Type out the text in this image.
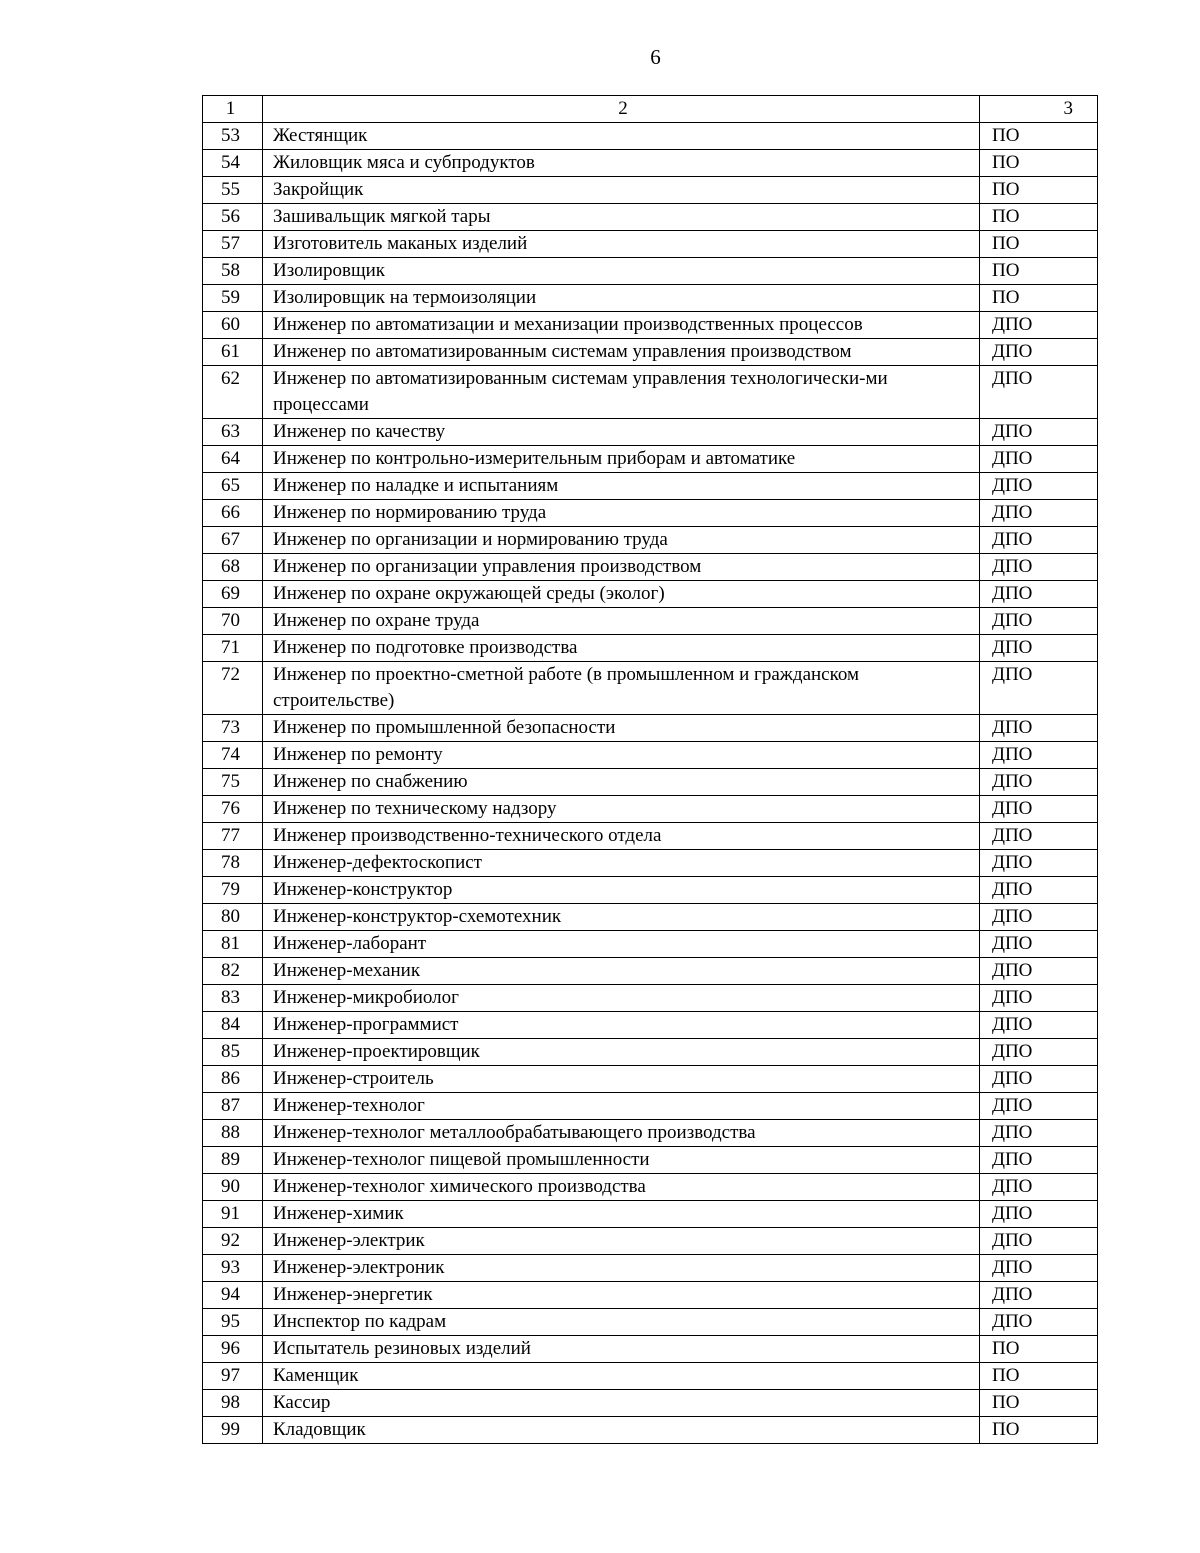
6
1	2	3
53	Жестянщик	ПО
54	Жиловщик мяса и субпродуктов	ПО
55	Закройщик	ПО
56	Зашивальщик мягкой тары	ПО
57	Изготовитель маканых изделий	ПО
58	Изолировщик	ПО
59	Изолировщик на термоизоляции	ПО
60	Инженер по автоматизации и механизации производственных процессов	ДПО
61	Инженер по автоматизированным системам управления производством	ДПО
62	Инженер по автоматизированным системам управления технологически-ми процессами	ДПО
63	Инженер по качеству	ДПО
64	Инженер по контрольно-измерительным приборам и автоматике	ДПО
65	Инженер по наладке и испытаниям	ДПО
66	Инженер по нормированию труда	ДПО
67	Инженер по организации и нормированию труда	ДПО
68	Инженер по организации управления производством	ДПО
69	Инженер по охране окружающей среды (эколог)	ДПО
70	Инженер по охране труда	ДПО
71	Инженер по подготовке производства	ДПО
72	Инженер по проектно-сметной работе (в промышленном и гражданском строительстве)	ДПО
73	Инженер по промышленной безопасности	ДПО
74	Инженер по ремонту	ДПО
75	Инженер по снабжению	ДПО
76	Инженер по техническому надзору	ДПО
77	Инженер производственно-технического отдела	ДПО
78	Инженер-дефектоскопист	ДПО
79	Инженер-конструктор	ДПО
80	Инженер-конструктор-схемотехник	ДПО
81	Инженер-лаборант	ДПО
82	Инженер-механик	ДПО
83	Инженер-микробиолог	ДПО
84	Инженер-программист	ДПО
85	Инженер-проектировщик	ДПО
86	Инженер-строитель	ДПО
87	Инженер-технолог	ДПО
88	Инженер-технолог металлообрабатывающего производства	ДПО
89	Инженер-технолог пищевой промышленности	ДПО
90	Инженер-технолог химического производства	ДПО
91	Инженер-химик	ДПО
92	Инженер-электрик	ДПО
93	Инженер-электроник	ДПО
94	Инженер-энергетик	ДПО
95	Инспектор по кадрам	ДПО
96	Испытатель резиновых изделий	ПО
97	Каменщик	ПО
98	Кассир	ПО
99	Кладовщик	ПО
